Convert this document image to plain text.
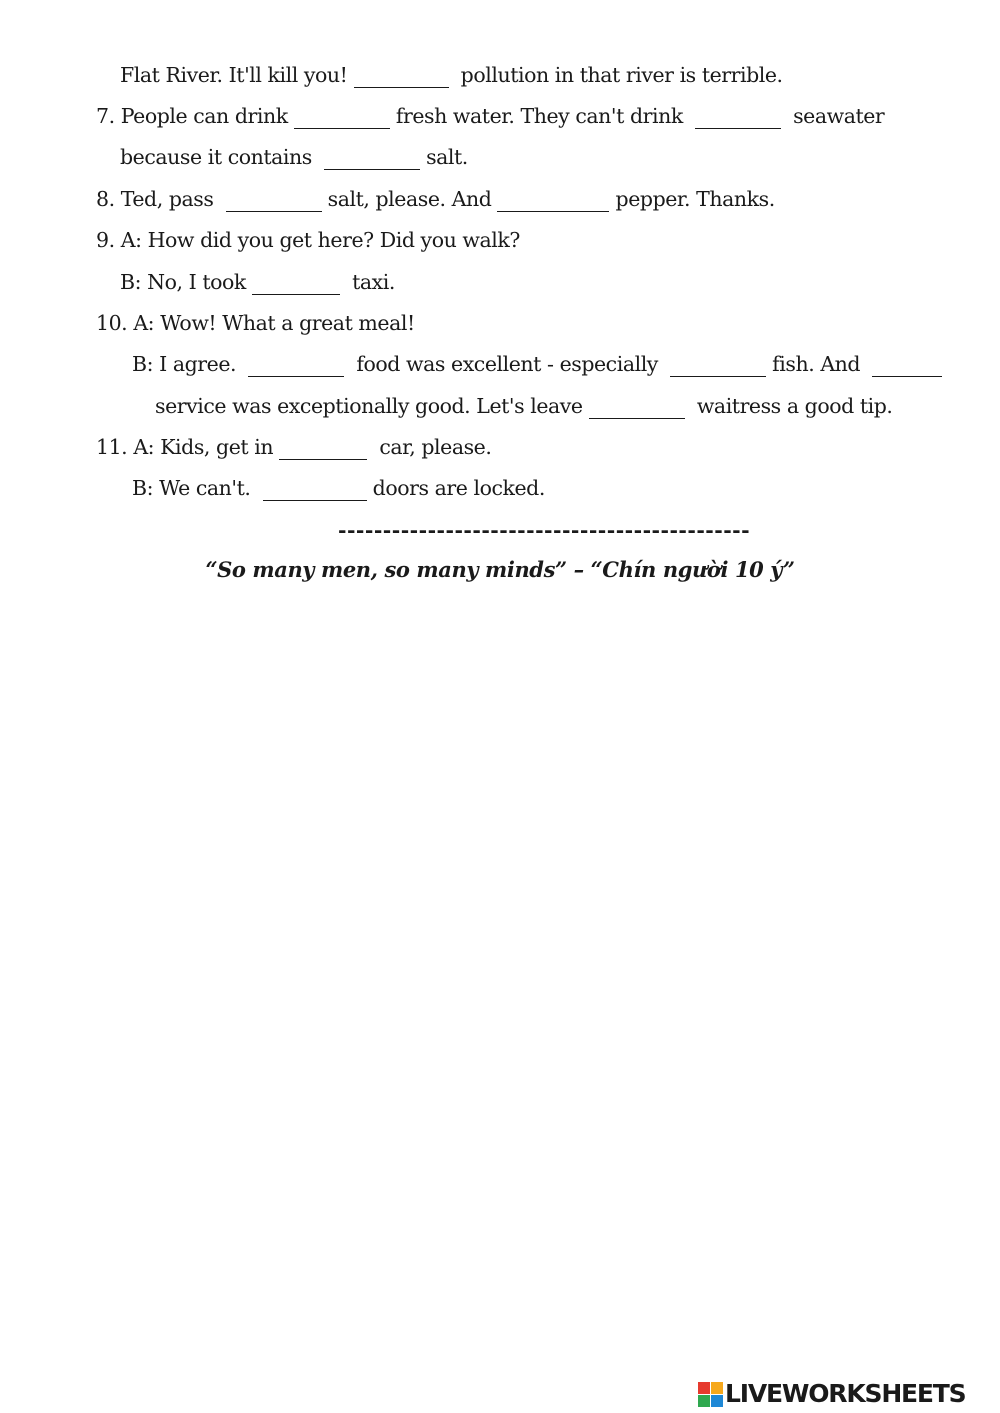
Flat River. It'll kill you!	pollution in that river is terrible.
7. People can drink	fresh water. They can't drink	seawater
because it contains	salt.
8. Ted, pass	salt, please. And	pepper. Thanks.
9. A: How did you get here? Did you walk?
B: No, I took	taxi.
10. A: Wow! What a great meal!
B: I agree.	food was excellent - especially	fish. And
service was exceptionally good. Let's leave	waitress a good tip.
11. A: Kids, get in	car, please.
B: We can't.	doors are locked.
----------------------------------------------
“So many men, so many minds” – “Chín người 10 ý”
LIVEWORKSHEETS
